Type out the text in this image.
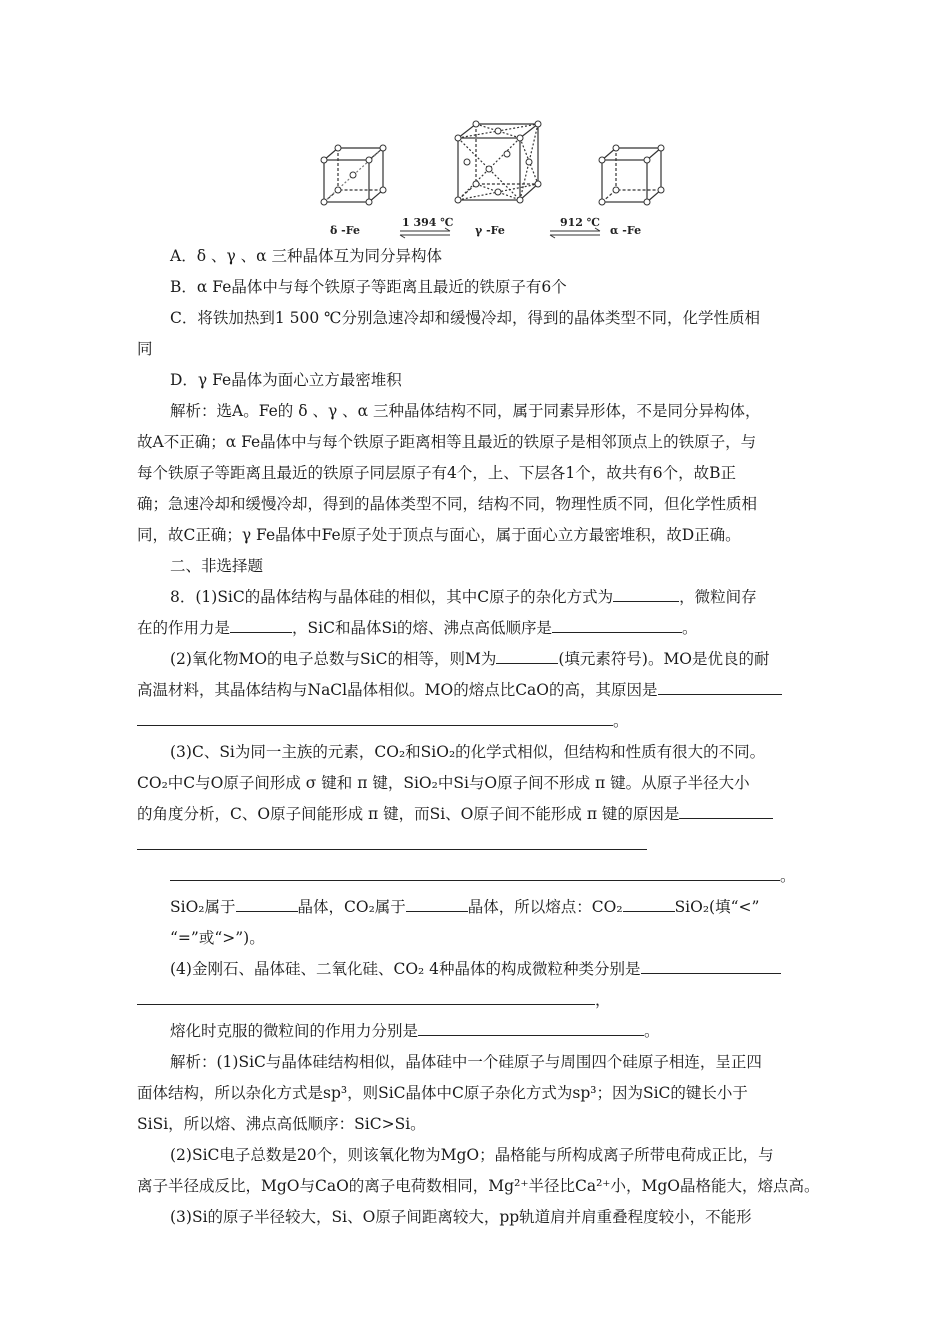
δ -Fe
1 394 ℃
γ -Fe
912 ℃
α -Fe
A．δ 、γ 、α 三种晶体互为同分异构体
B．α Fe晶体中与每个铁原子等距离且最近的铁原子有6个
C．将铁加热到1 500 ℃分别急速冷却和缓慢冷却，得到的晶体类型不同，化学性质相
同
D．γ Fe晶体为面心立方最密堆积
解析：选A。Fe的 δ 、γ 、α 三种晶体结构不同，属于同素异形体，不是同分异构体，
故A不正确；α Fe晶体中与每个铁原子距离相等且最近的铁原子是相邻顶点上的铁原子，与
每个铁原子等距离且最近的铁原子同层原子有4个，上、下层各1个，故共有6个，故B正
确；急速冷却和缓慢冷却，得到的晶体类型不同，结构不同，物理性质不同，但化学性质相
同，故C正确；γ Fe晶体中Fe原子处于顶点与面心，属于面心立方最密堆积，故D正确。
二、非选择题
8．(1)SiC的晶体结构与晶体硅的相似，其中C原子的杂化方式为	，微粒间存
在的作用力是	，SiC和晶体Si的熔、沸点高低顺序是	。
(2)氧化物MO的电子总数与SiC的相等，则M为	(填元素符号)。MO是优良的耐
高温材料，其晶体结构与NaCl晶体相似。MO的熔点比CaO的高，其原因是
。
(3)C、Si为同一主族的元素，CO₂和SiO₂的化学式相似，但结构和性质有很大的不同。
CO₂中C与O原子间形成 σ 键和 π 键，SiO₂中Si与O原子间不形成 π 键。从原子半径大小
的角度分析，C、O原子间能形成 π 键，而Si、O原子间不能形成 π 键的原因是
。
SiO₂属于	晶体，CO₂属于	晶体，所以熔点：CO₂	SiO₂(填“<”
“=”或“>”)。
(4)金刚石、晶体硅、二氧化硅、CO₂ 4种晶体的构成微粒种类分别是
，
熔化时克服的微粒间的作用力分别是	。
解析：(1)SiC与晶体硅结构相似，晶体硅中一个硅原子与周围四个硅原子相连，呈正四
面体结构，所以杂化方式是sp³，则SiC晶体中C原子杂化方式为sp³；因为SiC的键长小于
SiSi，所以熔、沸点高低顺序：SiC>Si。
(2)SiC电子总数是20个，则该氧化物为MgO；晶格能与所构成离子所带电荷成正比，与
离子半径成反比，MgO与CaO的离子电荷数相同，Mg²⁺半径比Ca²⁺小，MgO晶格能大，熔点高。
(3)Si的原子半径较大，Si、O原子间距离较大，pp轨道肩并肩重叠程度较小，不能形
